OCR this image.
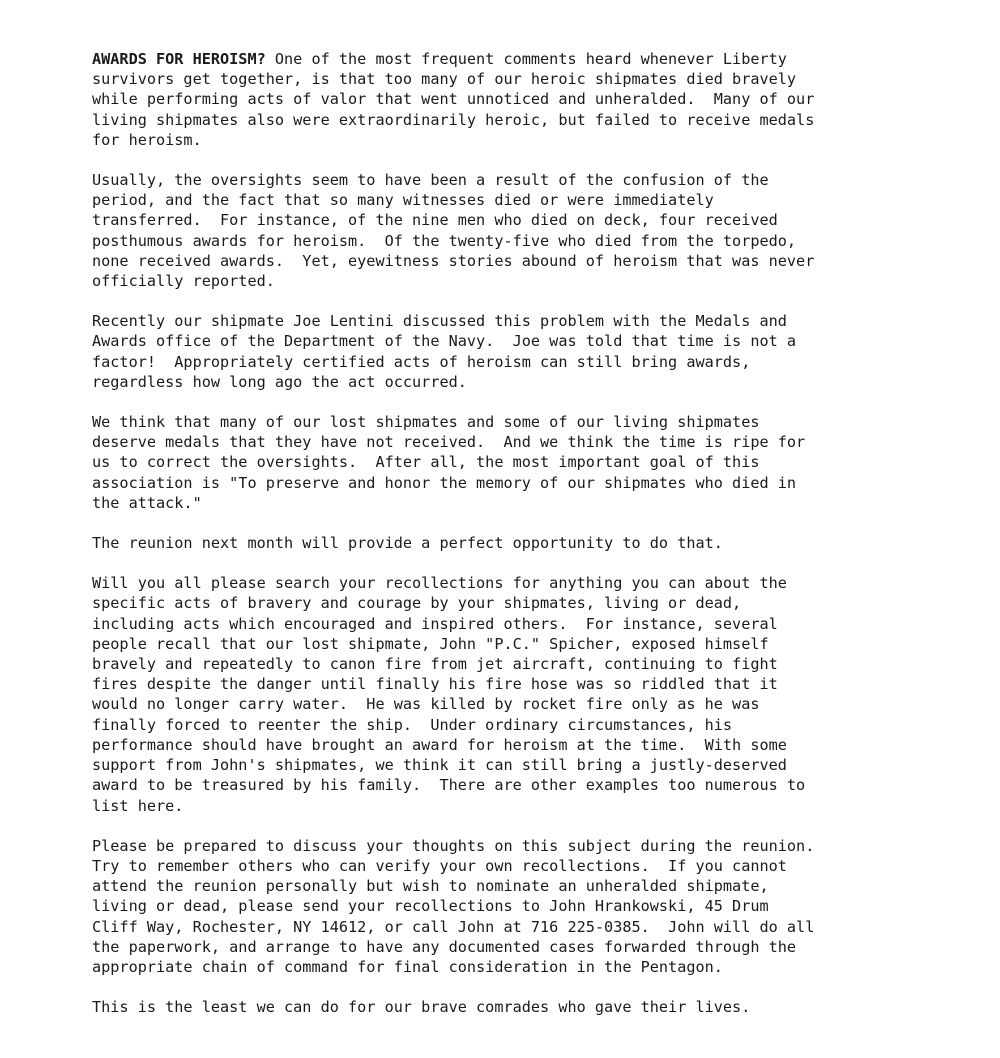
AWARDS FOR HEROISM? One of the most frequent comments heard whenever Liberty
survivors get together, is that too many of our heroic shipmates died bravely
while performing acts of valor that went unnoticed and unheralded.  Many of our
living shipmates also were extraordinarily heroic, but failed to receive medals
for heroism.
Usually, the oversights seem to have been a result of the confusion of the
period, and the fact that so many witnesses died or were immediately
transferred.  For instance, of the nine men who died on deck, four received
posthumous awards for heroism.  Of the twenty-five who died from the torpedo,
none received awards.  Yet, eyewitness stories abound of heroism that was never
officially reported.
Recently our shipmate Joe Lentini discussed this problem with the Medals and
Awards office of the Department of the Navy.  Joe was told that time is not a
factor!  Appropriately certified acts of heroism can still bring awards,
regardless how long ago the act occurred.
We think that many of our lost shipmates and some of our living shipmates
deserve medals that they have not received.  And we think the time is ripe for
us to correct the oversights.  After all, the most important goal of this
association is "To preserve and honor the memory of our shipmates who died in
the attack."
The reunion next month will provide a perfect opportunity to do that.
Will you all please search your recollections for anything you can about the
specific acts of bravery and courage by your shipmates, living or dead,
including acts which encouraged and inspired others.  For instance, several
people recall that our lost shipmate, John "P.C." Spicher, exposed himself
bravely and repeatedly to canon fire from jet aircraft, continuing to fight
fires despite the danger until finally his fire hose was so riddled that it
would no longer carry water.  He was killed by rocket fire only as he was
finally forced to reenter the ship.  Under ordinary circumstances, his
performance should have brought an award for heroism at the time.  With some
support from John's shipmates, we think it can still bring a justly-deserved
award to be treasured by his family.  There are other examples too numerous to
list here.
Please be prepared to discuss your thoughts on this subject during the reunion.
Try to remember others who can verify your own recollections.  If you cannot
attend the reunion personally but wish to nominate an unheralded shipmate,
living or dead, please send your recollections to John Hrankowski, 45 Drum
Cliff Way, Rochester, NY 14612, or call John at 716 225-0385.  John will do all
the paperwork, and arrange to have any documented cases forwarded through the
appropriate chain of command for final consideration in the Pentagon.
This is the least we can do for our brave comrades who gave their lives.
